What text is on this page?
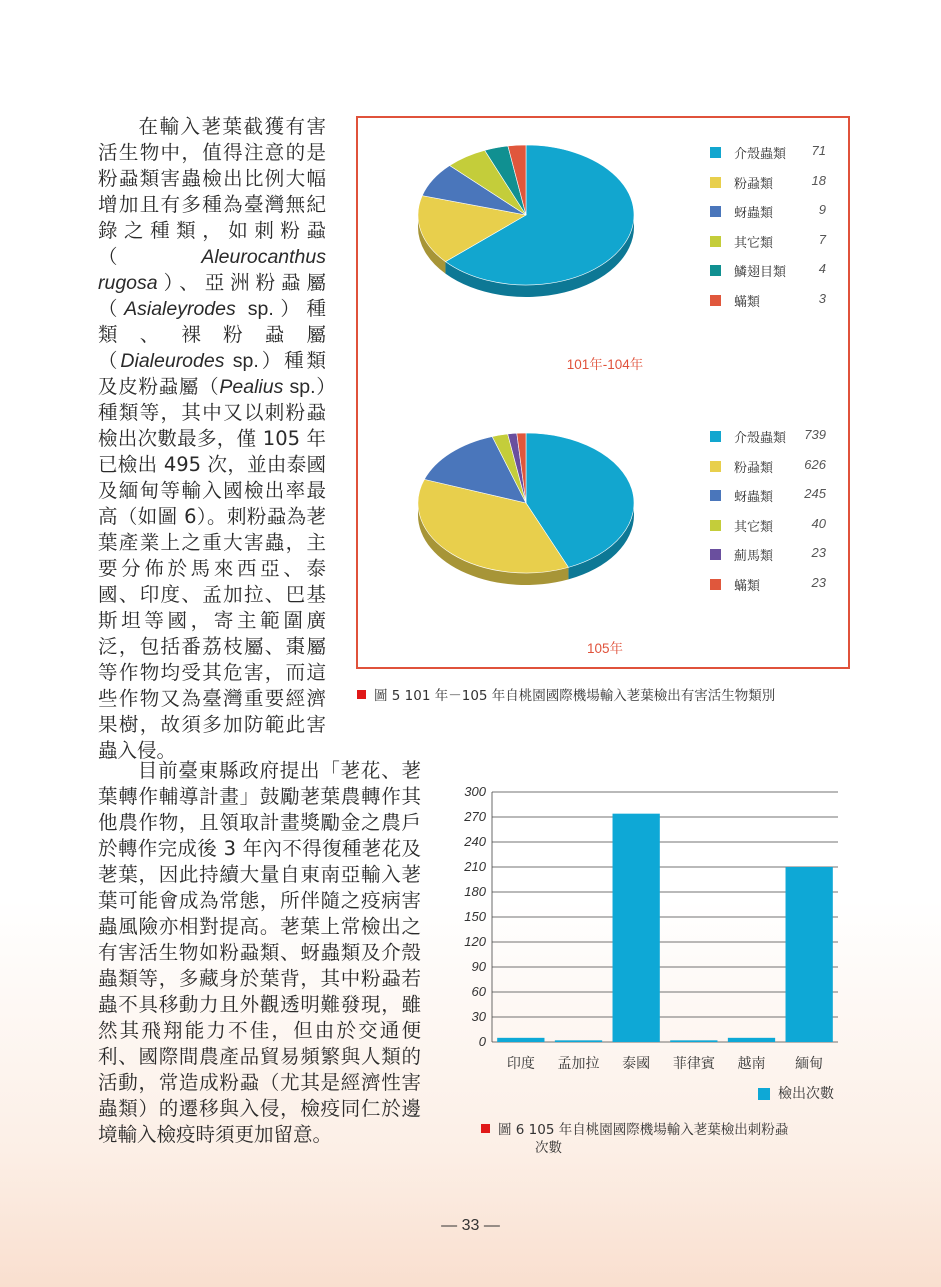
在輸入荖葉截獲有害活生物中，值得注意的是粉蝨類害蟲檢出比例大幅增加且有多種為臺灣無紀錄之種類，如刺粉蝨（Aleurocanthus rugosa）、亞洲粉蝨屬（Asialeyrodes sp.）種類、裸粉蝨屬（Dialeurodes sp.）種類及皮粉蝨屬（Pealius sp.）種類等，其中又以刺粉蝨檢出次數最多，僅 105 年已檢出 495 次，並由泰國及緬甸等輸入國檢出率最高（如圖 6）。刺粉蝨為荖葉產業上之重大害蟲，主要分佈於馬來西亞、泰國、印度、孟加拉、巴基斯坦等國，寄主範圍廣泛，包括番荔枝屬、棗屬等作物均受其危害，而這些作物又為臺灣重要經濟果樹，故須多加防範此害蟲入侵。

介殼蟲類 71
粉蝨類	18
蚜蟲類	9
其它類	7
鱗翅目類	4
蟎類	3
介殼蟲類 739
粉蝨類 626
蚜蟲類 245
其它類	40
薊馬類	23
蟎類	23
101年-104年
105年
圖 5 101 年－105 年自桃園國際機場輸入荖葉檢出有害活生物類別

目前臺東縣政府提出「荖花、荖葉轉作輔導計畫」鼓勵荖葉農轉作其他農作物，且領取計畫獎勵金之農戶於轉作完成後 3 年內不得復種荖花及荖葉，因此持續大量自東南亞輸入荖葉可能會成為常態，所伴隨之疫病害蟲風險亦相對提高。荖葉上常檢出之有害活生物如粉蝨類、蚜蟲類及介殼蟲類等，多藏身於葉背，其中粉蝨若蟲不具移動力且外觀透明難發現，雖然其飛翔能力不佳，但由於交通便利、國際間農產品貿易頻繁與人類的活動，常造成粉蝨（尤其是經濟性害蟲類）的遷移與入侵，檢疫同仁於邊境輸入檢疫時須更加留意。

0
30
60
90
120
150
180
210
240
270
300
印度 孟加拉 泰國 菲律賓 越南 緬甸
檢出次數
圖 6 105 年自桃園國際機場輸入荖葉檢出刺粉蝨
次數
― 33 ―
